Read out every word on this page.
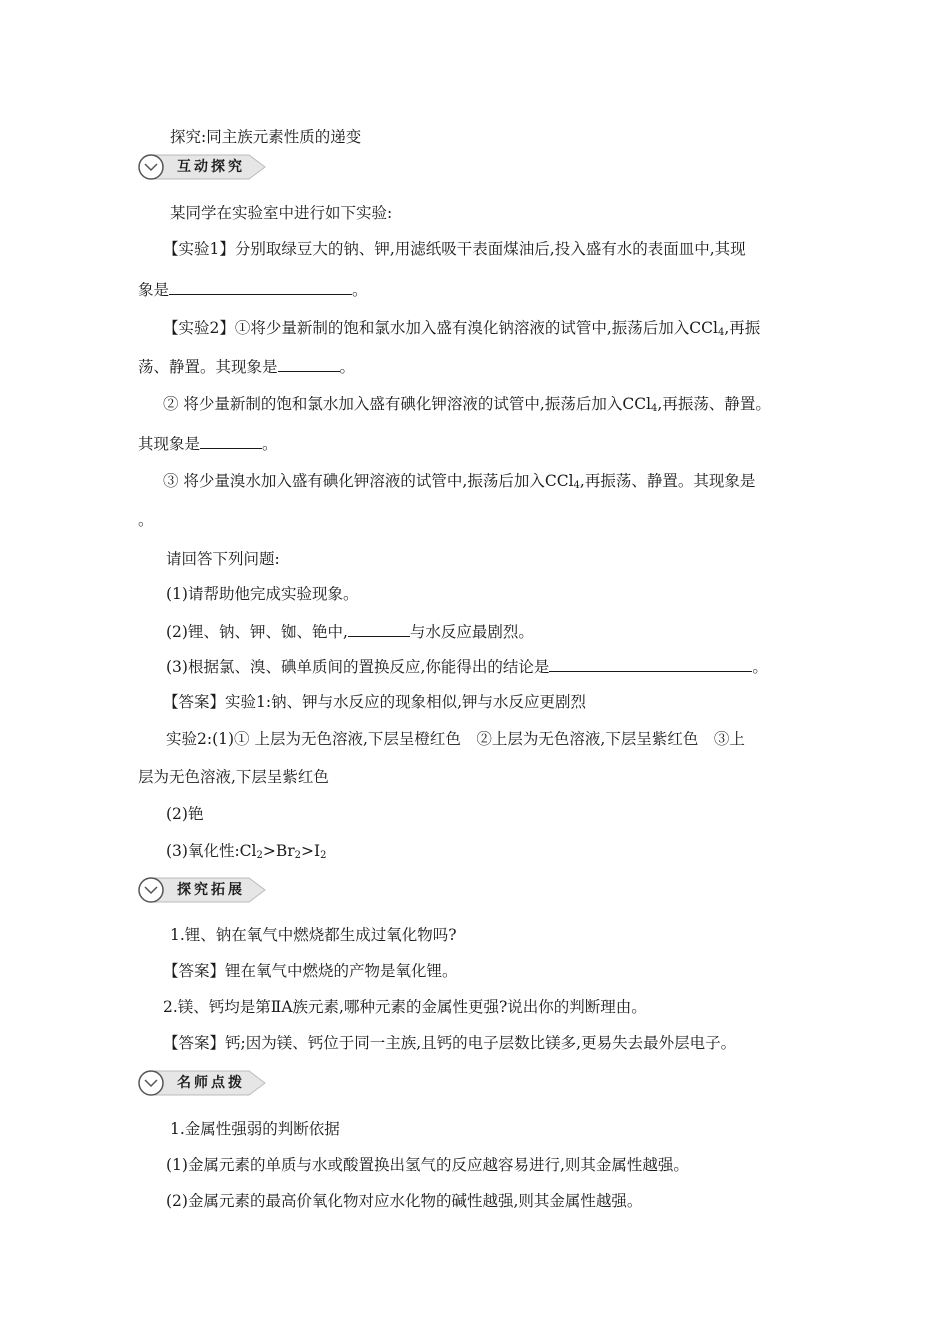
探究:同主族元素性质的递变
互动探究
某同学在实验室中进行如下实验:
【实验1】分别取绿豆大的钠、钾,用滤纸吸干表面煤油后,投入盛有水的表面皿中,其现
象是	。
【实验2】①将少量新制的饱和氯水加入盛有溴化钠溶液的试管中,振荡后加入CCl$_4$,再振
荡、静置。其现象是	。
② 将少量新制的饱和氯水加入盛有碘化钾溶液的试管中,振荡后加入CCl$_4$,再振荡、静置。
其现象是	。
③ 将少量溴水加入盛有碘化钾溶液的试管中,振荡后加入CCl$_4$,再振荡、静置。其现象是
。
请回答下列问题:
(1)请帮助他完成实验现象。
(2)锂、钠、钾、铷、铯中,	与水反应最剧烈。
(3)根据氯、溴、碘单质间的置换反应,你能得出的结论是	。
【答案】实验1:钠、钾与水反应的现象相似,钾与水反应更剧烈
实验2:(1)① 上层为无色溶液,下层呈橙红色　②上层为无色溶液,下层呈紫红色　③上
层为无色溶液,下层呈紫红色
(2)铯
(3)氧化性$:Cl_2>Br_2>I_2$
探究拓展
1.锂、钠在氧气中燃烧都生成过氧化物吗?
【答案】锂在氧气中燃烧的产物是氧化锂。
2.镁、钙均是第ⅡA族元素,哪种元素的金属性更强?说出你的判断理由。
【答案】钙;因为镁、钙位于同一主族,且钙的电子层数比镁多,更易失去最外层电子。
名师点拨
1.金属性强弱的判断依据
(1)金属元素的单质与水或酸置换出氢气的反应越容易进行,则其金属性越强。
(2)金属元素的最高价氧化物对应水化物的碱性越强,则其金属性越强。
